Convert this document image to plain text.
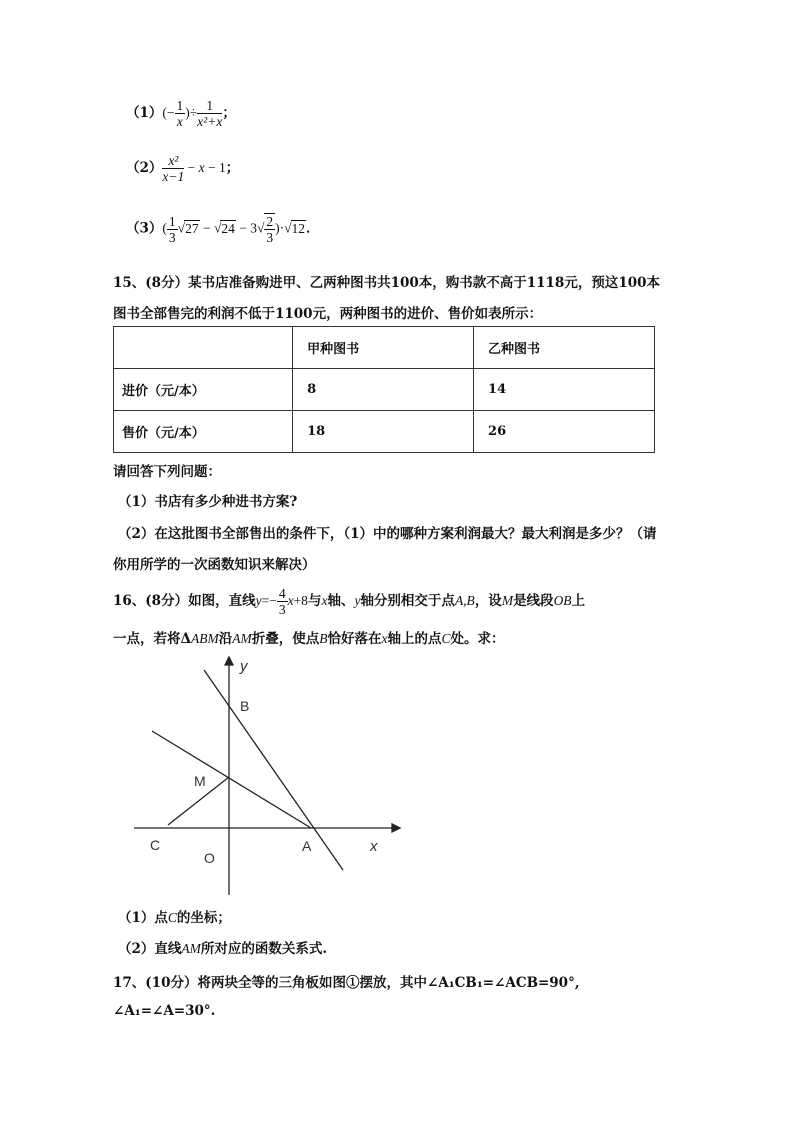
$(1)(- \frac{1}{x}$ )÷ $\frac{1}{\text{x²+x}}$ ；
$(2) \frac{\text{x²}}{x-1} - x - 1$；
$(3)( \frac{1}{3} √27 - √24 - 3√ \frac{2}{3} )\cdot√12$．
15、(8分）某书店准备购进甲、乙两种图书共100本，购书款不高于1118元，预这100本
图书全部售完的利润不低于1100元，两种图书的进价、售价如表所示：
	甲种图书	乙种图书
进价（元/本）	8	14
售价（元/本）	18	26
请回答下列问题：
（1）书店有多少种进书方案?
（2）在这批图书全部售出的条件下，（1）中的哪种方案利润最大？最大利润是多少？（请
你用所学的一次函数知识来解决）
16、(8分）如图，直线$y=- \frac{4}{3} x+8$与x轴、y轴分别相交于点A,B，设M是线段OB上
一点，若将ΔABM沿AM折叠，使点B恰好落在x轴上的点C处。求：
y
B
M
C
O
A	x
（1）点C的坐标；
（2）直线AM所对应的函数关系式.
17、(10分）将两块全等的三角板如图①摆放，其中∠A₁CB₁=∠ACB=90°,
∠A₁=∠A=30°.
